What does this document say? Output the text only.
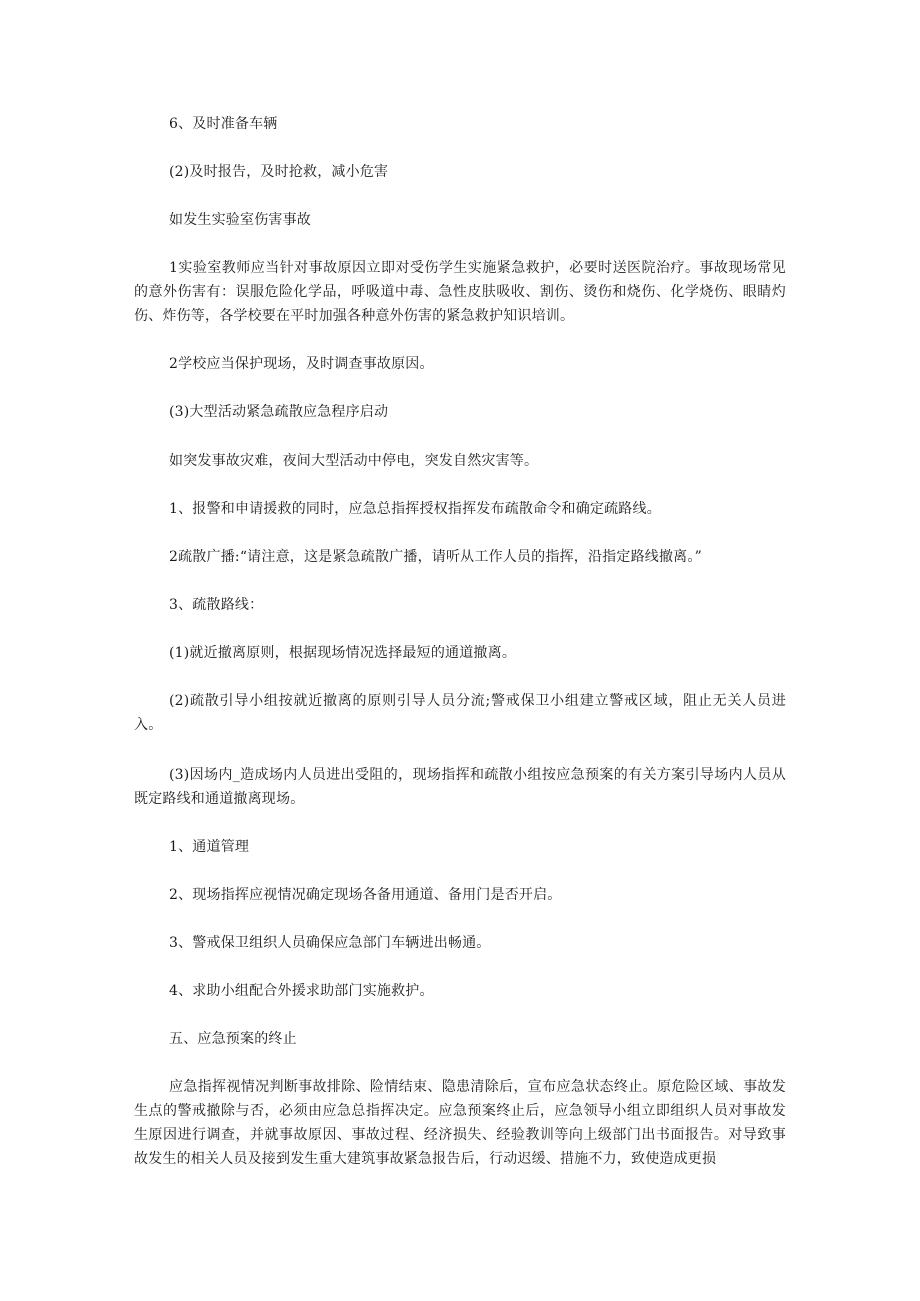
6、及时准备车辆

(2)及时报告，及时抢救，减小危害

如发生实验室伤害事故

1实验室教师应当针对事故原因立即对受伤学生实施紧急救护，必要时送医院治疗。事故现场常见的意外伤害有：误服危险化学品，呼吸道中毒、急性皮肤吸收、割伤、烫伤和烧伤、化学烧伤、眼睛灼伤、炸伤等，各学校要在平时加强各种意外伤害的紧急救护知识培训。

2学校应当保护现场，及时调查事故原因。

(3)大型活动紧急疏散应急程序启动

如突发事故灾难，夜间大型活动中停电，突发自然灾害等。

1、报警和申请援救的同时，应急总指挥授权指挥发布疏散命令和确定疏路线。

2疏散广播:“请注意，这是紧急疏散广播，请听从工作人员的指挥，沿指定路线撤离。”

3、疏散路线：

(1)就近撤离原则，根据现场情况选择最短的通道撤离。

(2)疏散引导小组按就近撤离的原则引导人员分流;警戒保卫小组建立警戒区域，阻止无关人员进入。

(3)因场内_造成场内人员进出受阻的，现场指挥和疏散小组按应急预案的有关方案引导场内人员从既定路线和通道撤离现场。

1、通道管理

2、现场指挥应视情况确定现场各备用通道、备用门是否开启。

3、警戒保卫组织人员确保应急部门车辆进出畅通。

4、求助小组配合外援求助部门实施救护。

五、应急预案的终止

应急指挥视情况判断事故排除、险情结束、隐患清除后，宣布应急状态终止。原危险区域、事故发生点的警戒撤除与否，必须由应急总指挥决定。应急预案终止后，应急领导小组立即组织人员对事故发生原因进行调查，并就事故原因、事故过程、经济损失、经验教训等向上级部门出书面报告。对导致事故发生的相关人员及接到发生重大建筑事故紧急报告后，行动迟缓、措施不力，致使造成更损
